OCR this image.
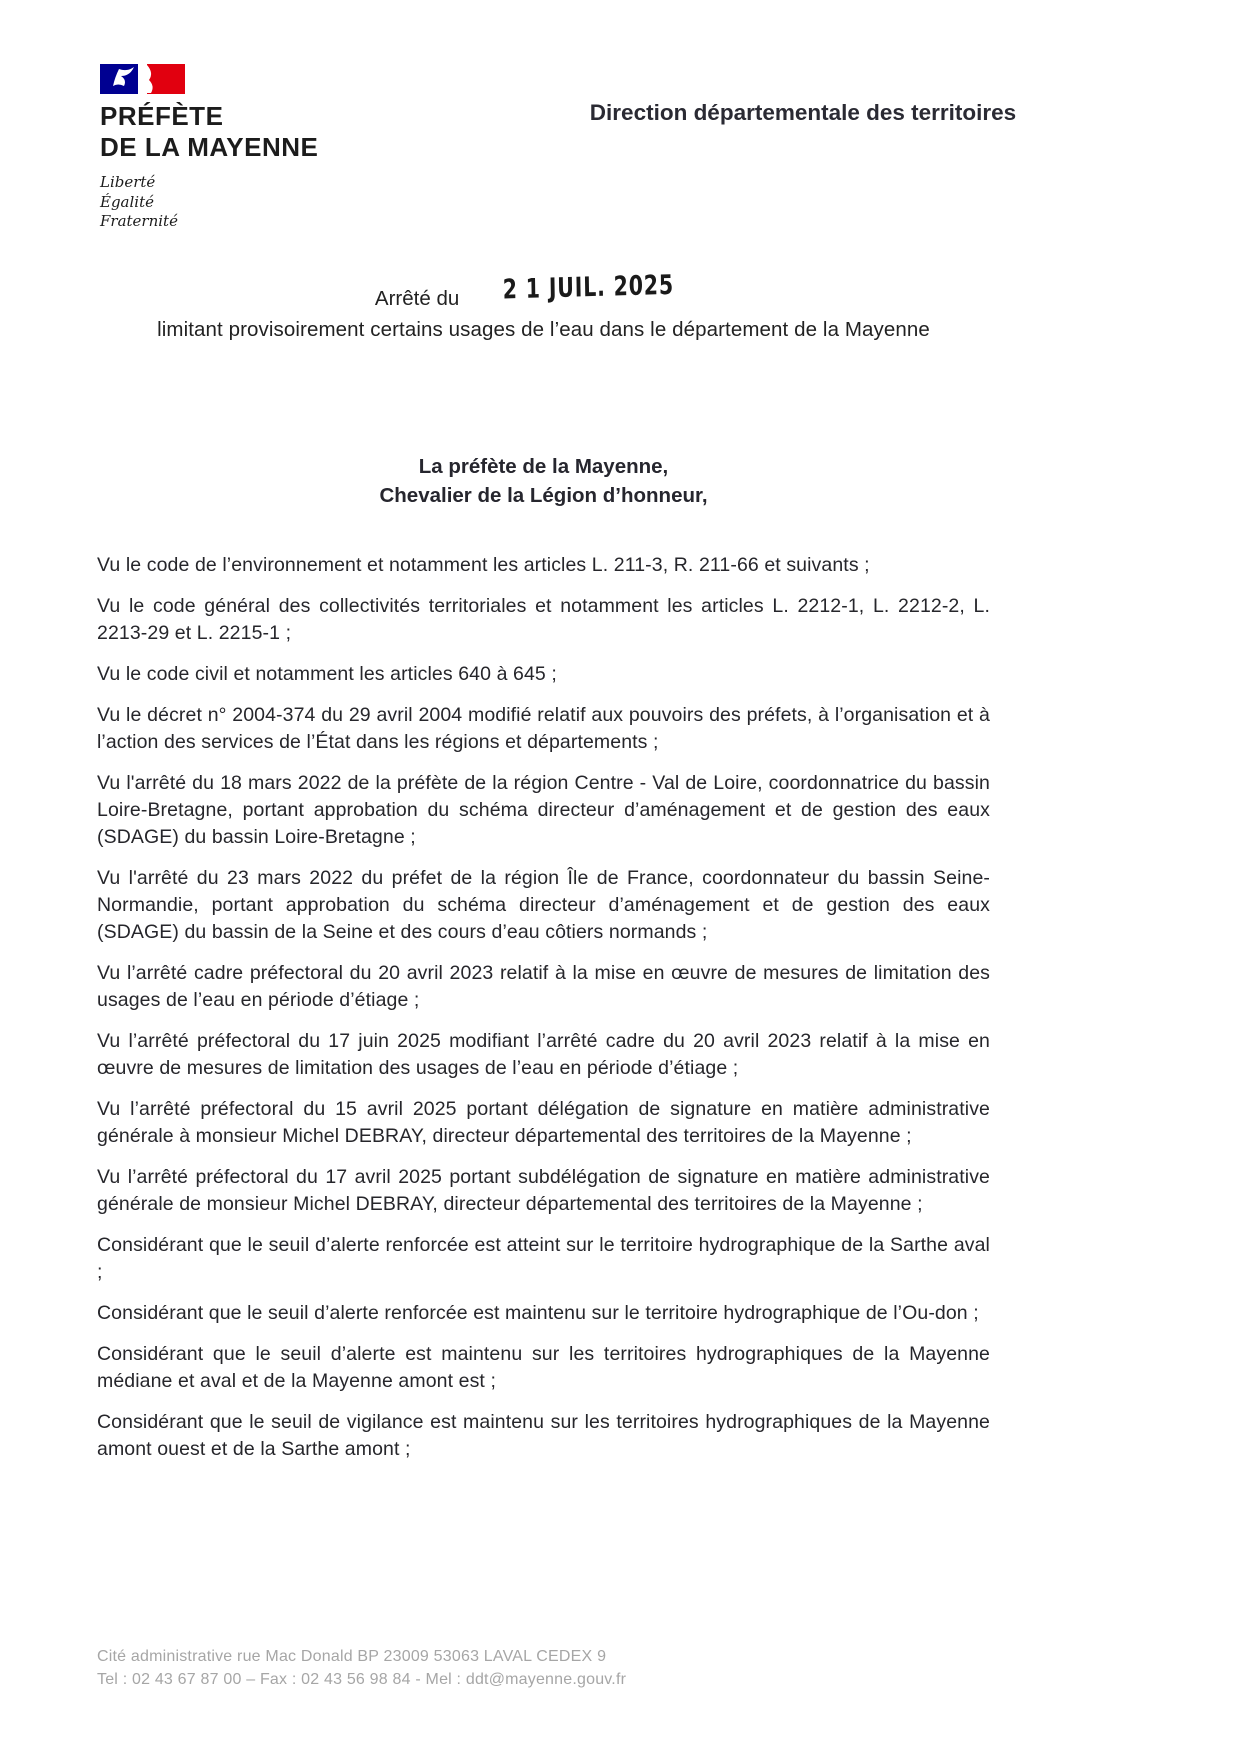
PRÉFÈTE
DE LA MAYENNE
Liberté
Égalité
Fraternité
Direction départementale des territoires
Arrêté du 2 1 JUIL. 2025
limitant provisoirement certains usages de l’eau dans le département de la Mayenne
La préfète de la Mayenne,
Chevalier de la Légion d’honneur,

Vu le code de l’environnement et notamment les articles L. 211-3, R. 211-66 et suivants ;

Vu le code général des collectivités territoriales et notamment les articles L. 2212-1, L. 2212-2, L. 2213-29 et L. 2215-1 ;

Vu le code civil et notamment les articles 640 à 645 ;

Vu le décret n° 2004-374 du 29 avril 2004 modifié relatif aux pouvoirs des préfets, à l’organisation et à l’action des services de l’État dans les régions et départements ;

Vu l'arrêté du 18 mars 2022 de la préfète de la région Centre - Val de Loire, coordonnatrice du bassin Loire-Bretagne, portant approbation du schéma directeur d’aménagement et de gestion des eaux (SDAGE) du bassin Loire-Bretagne ;

Vu l'arrêté du 23 mars 2022 du préfet de la région Île de France, coordonnateur du bassin Seine-Normandie, portant approbation du schéma directeur d’aménagement et de gestion des eaux (SDAGE) du bassin de la Seine et des cours d’eau côtiers normands ;

Vu l’arrêté cadre préfectoral du 20 avril 2023 relatif à la mise en œuvre de mesures de limitation des usages de l’eau en période d’étiage ;

Vu l’arrêté préfectoral du 17 juin 2025 modifiant l’arrêté cadre du 20 avril 2023 relatif à la mise en œuvre de mesures de limitation des usages de l’eau en période d’étiage ;

Vu l’arrêté préfectoral du 15 avril 2025 portant délégation de signature en matière administrative générale à monsieur Michel DEBRAY, directeur départemental des territoires de la Mayenne ;

Vu l’arrêté préfectoral du 17 avril 2025 portant subdélégation de signature en matière administrative générale de monsieur Michel DEBRAY, directeur départemental des territoires de la Mayenne ;

Considérant que le seuil d’alerte renforcée est atteint sur le territoire hydrographique de la Sarthe aval ;

Considérant que le seuil d’alerte renforcée est maintenu sur le territoire hydrographique de l’Ou-don ;

Considérant que le seuil d’alerte est maintenu sur les territoires hydrographiques de la Mayenne médiane et aval et de la Mayenne amont est ;

Considérant que le seuil de vigilance est maintenu sur les territoires hydrographiques de la Mayenne amont ouest et de la Sarthe amont ;

Cité administrative rue Mac Donald BP 23009 53063 LAVAL CEDEX 9
Tel : 02 43 67 87 00 – Fax : 02 43 56 98 84 - Mel : ddt@mayenne.gouv.fr
